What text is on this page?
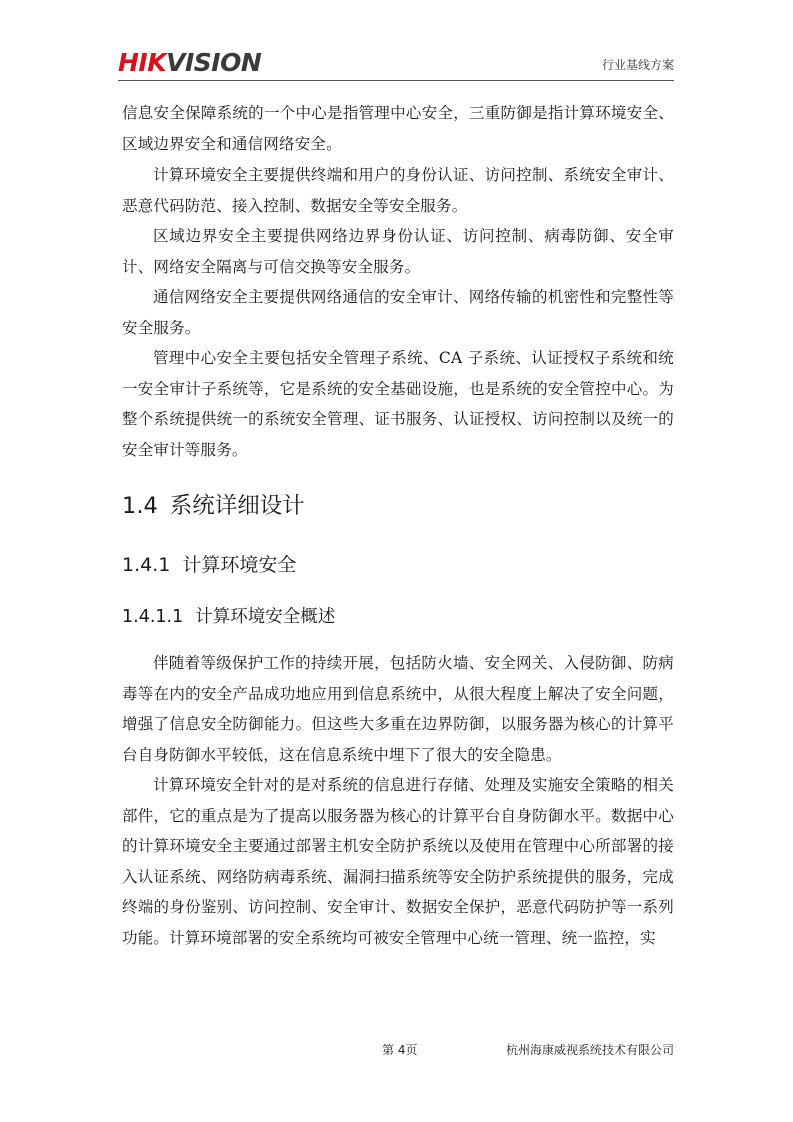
HIKVISION	行业基线方案

信息安全保障系统的一个中心是指管理中心安全，三重防御是指计算环境安全、区域边界安全和通信网络安全。

计算环境安全主要提供终端和用户的身份认证、访问控制、系统安全审计、恶意代码防范、接入控制、数据安全等安全服务。

区域边界安全主要提供网络边界身份认证、访问控制、病毒防御、安全审计、网络安全隔离与可信交换等安全服务。

通信网络安全主要提供网络通信的安全审计、网络传输的机密性和完整性等安全服务。

管理中心安全主要包括安全管理子系统、CA 子系统、认证授权子系统和统一安全审计子系统等，它是系统的安全基础设施，也是系统的安全管控中心。为整个系统提供统一的系统安全管理、证书服务、认证授权、访问控制以及统一的安全审计等服务。

1.4 系统详细设计
1.4.1 计算环境安全
1.4.1.1 计算环境安全概述

伴随着等级保护工作的持续开展，包括防火墙、安全网关、入侵防御、防病毒等在内的安全产品成功地应用到信息系统中，从很大程度上解决了安全问题，增强了信息安全防御能力。但这些大多重在边界防御，以服务器为核心的计算平台自身防御水平较低，这在信息系统中埋下了很大的安全隐患。

计算环境安全针对的是对系统的信息进行存储、处理及实施安全策略的相关部件，它的重点是为了提高以服务器为核心的计算平台自身防御水平。数据中心的计算环境安全主要通过部署主机安全防护系统以及使用在管理中心所部署的接入认证系统、网络防病毒系统、漏洞扫描系统等安全防护系统提供的服务，完成终端的身份鉴别、访问控制、安全审计、数据安全保护，恶意代码防护等一系列功能。计算环境部署的安全系统均可被安全管理中心统一管理、统一监控，实

第 4页	杭州海康威视系统技术有限公司
